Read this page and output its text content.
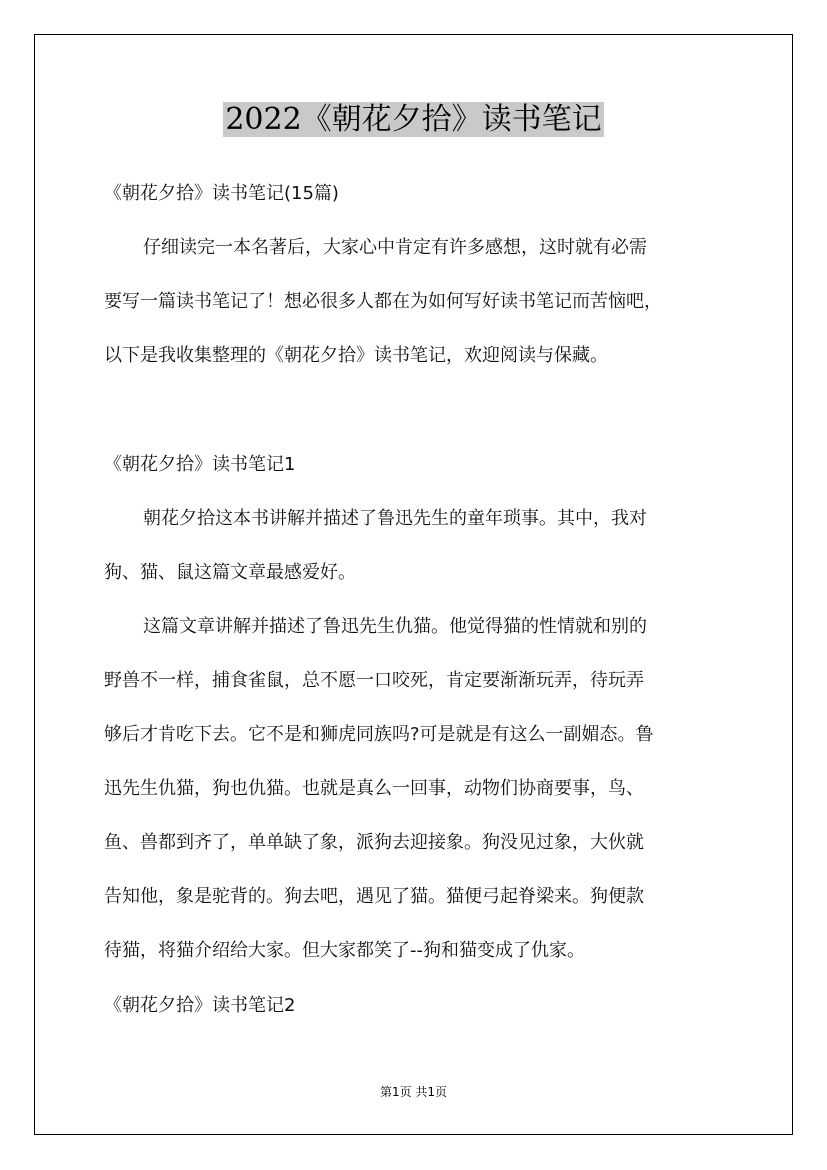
2022《朝花夕拾》读书笔记

《朝花夕拾》读书笔记(15篇)

仔细读完一本名著后，大家心中肯定有许多感想，这时就有必需

要写一篇读书笔记了！想必很多人都在为如何写好读书笔记而苦恼吧，

以下是我收集整理的《朝花夕拾》读书笔记，欢迎阅读与保藏。

《朝花夕拾》读书笔记1

朝花夕拾这本书讲解并描述了鲁迅先生的童年琐事。其中，我对

狗、猫、鼠这篇文章最感爱好。

这篇文章讲解并描述了鲁迅先生仇猫。他觉得猫的性情就和别的

野兽不一样，捕食雀鼠，总不愿一口咬死，肯定要渐渐玩弄，待玩弄

够后才肯吃下去。它不是和狮虎同族吗?可是就是有这么一副媚态。鲁

迅先生仇猫，狗也仇猫。也就是真么一回事，动物们协商要事，鸟、

鱼、兽都到齐了，单单缺了象，派狗去迎接象。狗没见过象，大伙就

告知他，象是驼背的。狗去吧，遇见了猫。猫便弓起脊梁来。狗便款

待猫，将猫介绍给大家。但大家都笑了--狗和猫变成了仇家。

《朝花夕拾》读书笔记2

第1页 共1页
